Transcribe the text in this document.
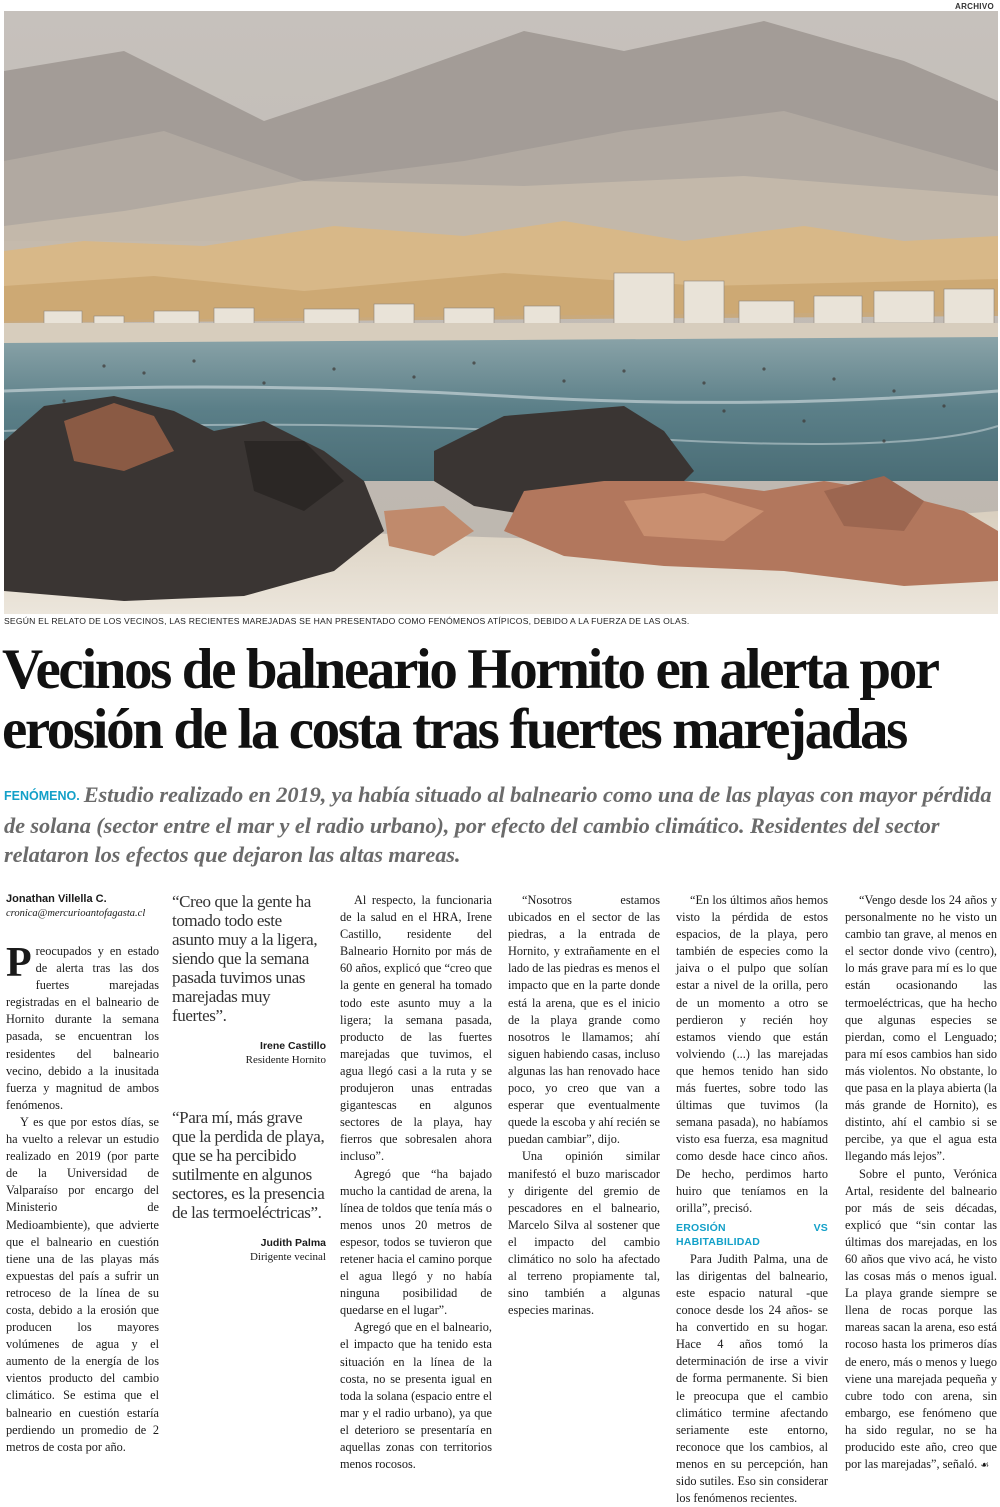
ARCHIVO
SEGÚN EL RELATO DE LOS VECINOS, LAS RECIENTES MAREJADAS SE HAN PRESENTADO COMO FENÓMENOS ATÍPICOS, DEBIDO A LA FUERZA DE LAS OLAS.
Vecinos de balneario Hornito en alerta por erosión de la costa tras fuertes marejadas
FENÓMENO. Estudio realizado en 2019, ya había situado al balneario como una de las playas con mayor pérdida de solana (sector entre el mar y el radio urbano), por efecto del cambio climático. Residentes del sector relataron los efectos que dejaron las altas mareas.
Jonathan Villella C.
cronica@mercurioantofagasta.cl

Preocupados y en estado de alerta tras las dos fuertes marejadas registradas en el balneario de Hornito durante la semana pasada, se encuentran los residentes del balneario vecino, debido a la inusitada fuerza y magnitud de ambos fenómenos.

Y es que por estos días, se ha vuelto a relevar un estudio realizado en 2019 (por parte de la Universidad de Valparaíso por encargo del Ministerio de Medioambiente), que advierte que el balneario en cuestión tiene una de las playas más expuestas del país a sufrir un retroceso de la línea de su costa, debido a la erosión que producen los mayores volúmenes de agua y el aumento de la energía de los vientos producto del cambio climático. Se estima que el balneario en cuestión estaría perdiendo un promedio de 2 metros de costa por año.

“Creo que la gente ha tomado todo este asunto muy a la ligera, siendo que la semana pasada tuvimos unas marejadas muy fuertes”.
Irene Castillo
Residente Hornito
“Para mí, más grave que la perdida de playa, que se ha percibido sutilmente en algunos sectores, es la presencia de las termoeléctricas”.
Judith Palma
Dirigente vecinal

Al respecto, la funcionaria de la salud en el HRA, Irene Castillo, residente del Balneario Hornito por más de 60 años, explicó que “creo que la gente en general ha tomado todo este asunto muy a la ligera; la semana pasada, producto de las fuertes marejadas que tuvimos, el agua llegó casi a la ruta y se produjeron unas entradas gigantescas en algunos sectores de la playa, hay fierros que sobresalen ahora incluso”.

Agregó que “ha bajado mucho la cantidad de arena, la línea de toldos que tenía más o menos unos 20 metros de espesor, todos se tuvieron que retener hacia el camino porque el agua llegó y no había ninguna posibilidad de quedarse en el lugar”.

Agregó que en el balneario, el impacto que ha tenido esta situación en la línea de la costa, no se presenta igual en toda la solana (espacio entre el mar y el radio urbano), ya que el deterioro se presentaría en aquellas zonas con territorios menos rocosos.

“Nosotros estamos ubicados en el sector de las piedras, a la entrada de Hornito, y extrañamente en el lado de las piedras es menos el impacto que en la parte donde está la arena, que es el inicio de la playa grande como nosotros le llamamos; ahí siguen habiendo casas, incluso algunas las han renovado hace poco, yo creo que van a esperar que eventualmente quede la escoba y ahí recién se puedan cambiar”, dijo.

Una opinión similar manifestó el buzo mariscador y dirigente del gremio de pescadores en el balneario, Marcelo Silva al sostener que el impacto del cambio climático no solo ha afectado al terreno propiamente tal, sino también a algunas especies marinas.

“En los últimos años hemos visto la pérdida de estos espacios, de la playa, pero también de especies como la jaiva o el pulpo que solían estar a nivel de la orilla, pero de un momento a otro se perdieron y recién hoy estamos viendo que están volviendo (...) las marejadas que hemos tenido han sido más fuertes, sobre todo las últimas que tuvimos (la semana pasada), no habíamos visto esa fuerza, esa magnitud como desde hace cinco años. De hecho, perdimos harto huiro que teníamos en la orilla”, precisó.

EROSIÓN VS HABITABILIDAD

Para Judith Palma, una de las dirigentas del balneario, este espacio natural -que conoce desde los 24 años- se ha convertido en su hogar. Hace 4 años tomó la determinación de irse a vivir de forma permanente. Si bien le preocupa que el cambio climático termine afectando seriamente este entorno, reconoce que los cambios, al menos en su percepción, han sido sutiles. Eso sin considerar los fenómenos recientes.

“Vengo desde los 24 años y personalmente no he visto un cambio tan grave, al menos en el sector donde vivo (centro), lo más grave para mí es lo que están ocasionando las termoeléctricas, que ha hecho que algunas especies se pierdan, como el Lenguado; para mí esos cambios han sido más violentos. No obstante, lo que pasa en la playa abierta (la más grande de Hornito), es distinto, ahí el cambio si se percibe, ya que el agua esta llegando más lejos”.

Sobre el punto, Verónica Artal, residente del balneario por más de seis décadas, explicó que “sin contar las últimas dos marejadas, en los 60 años que vivo acá, he visto las cosas más o menos igual. La playa grande siempre se llena de rocas porque las mareas sacan la arena, eso está rocoso hasta los primeros días de enero, más o menos y luego viene una marejada pequeña y cubre todo con arena, sin embargo, ese fenómeno que ha sido regular, no se ha producido este año, creo que por las marejadas”, señaló. ☙
